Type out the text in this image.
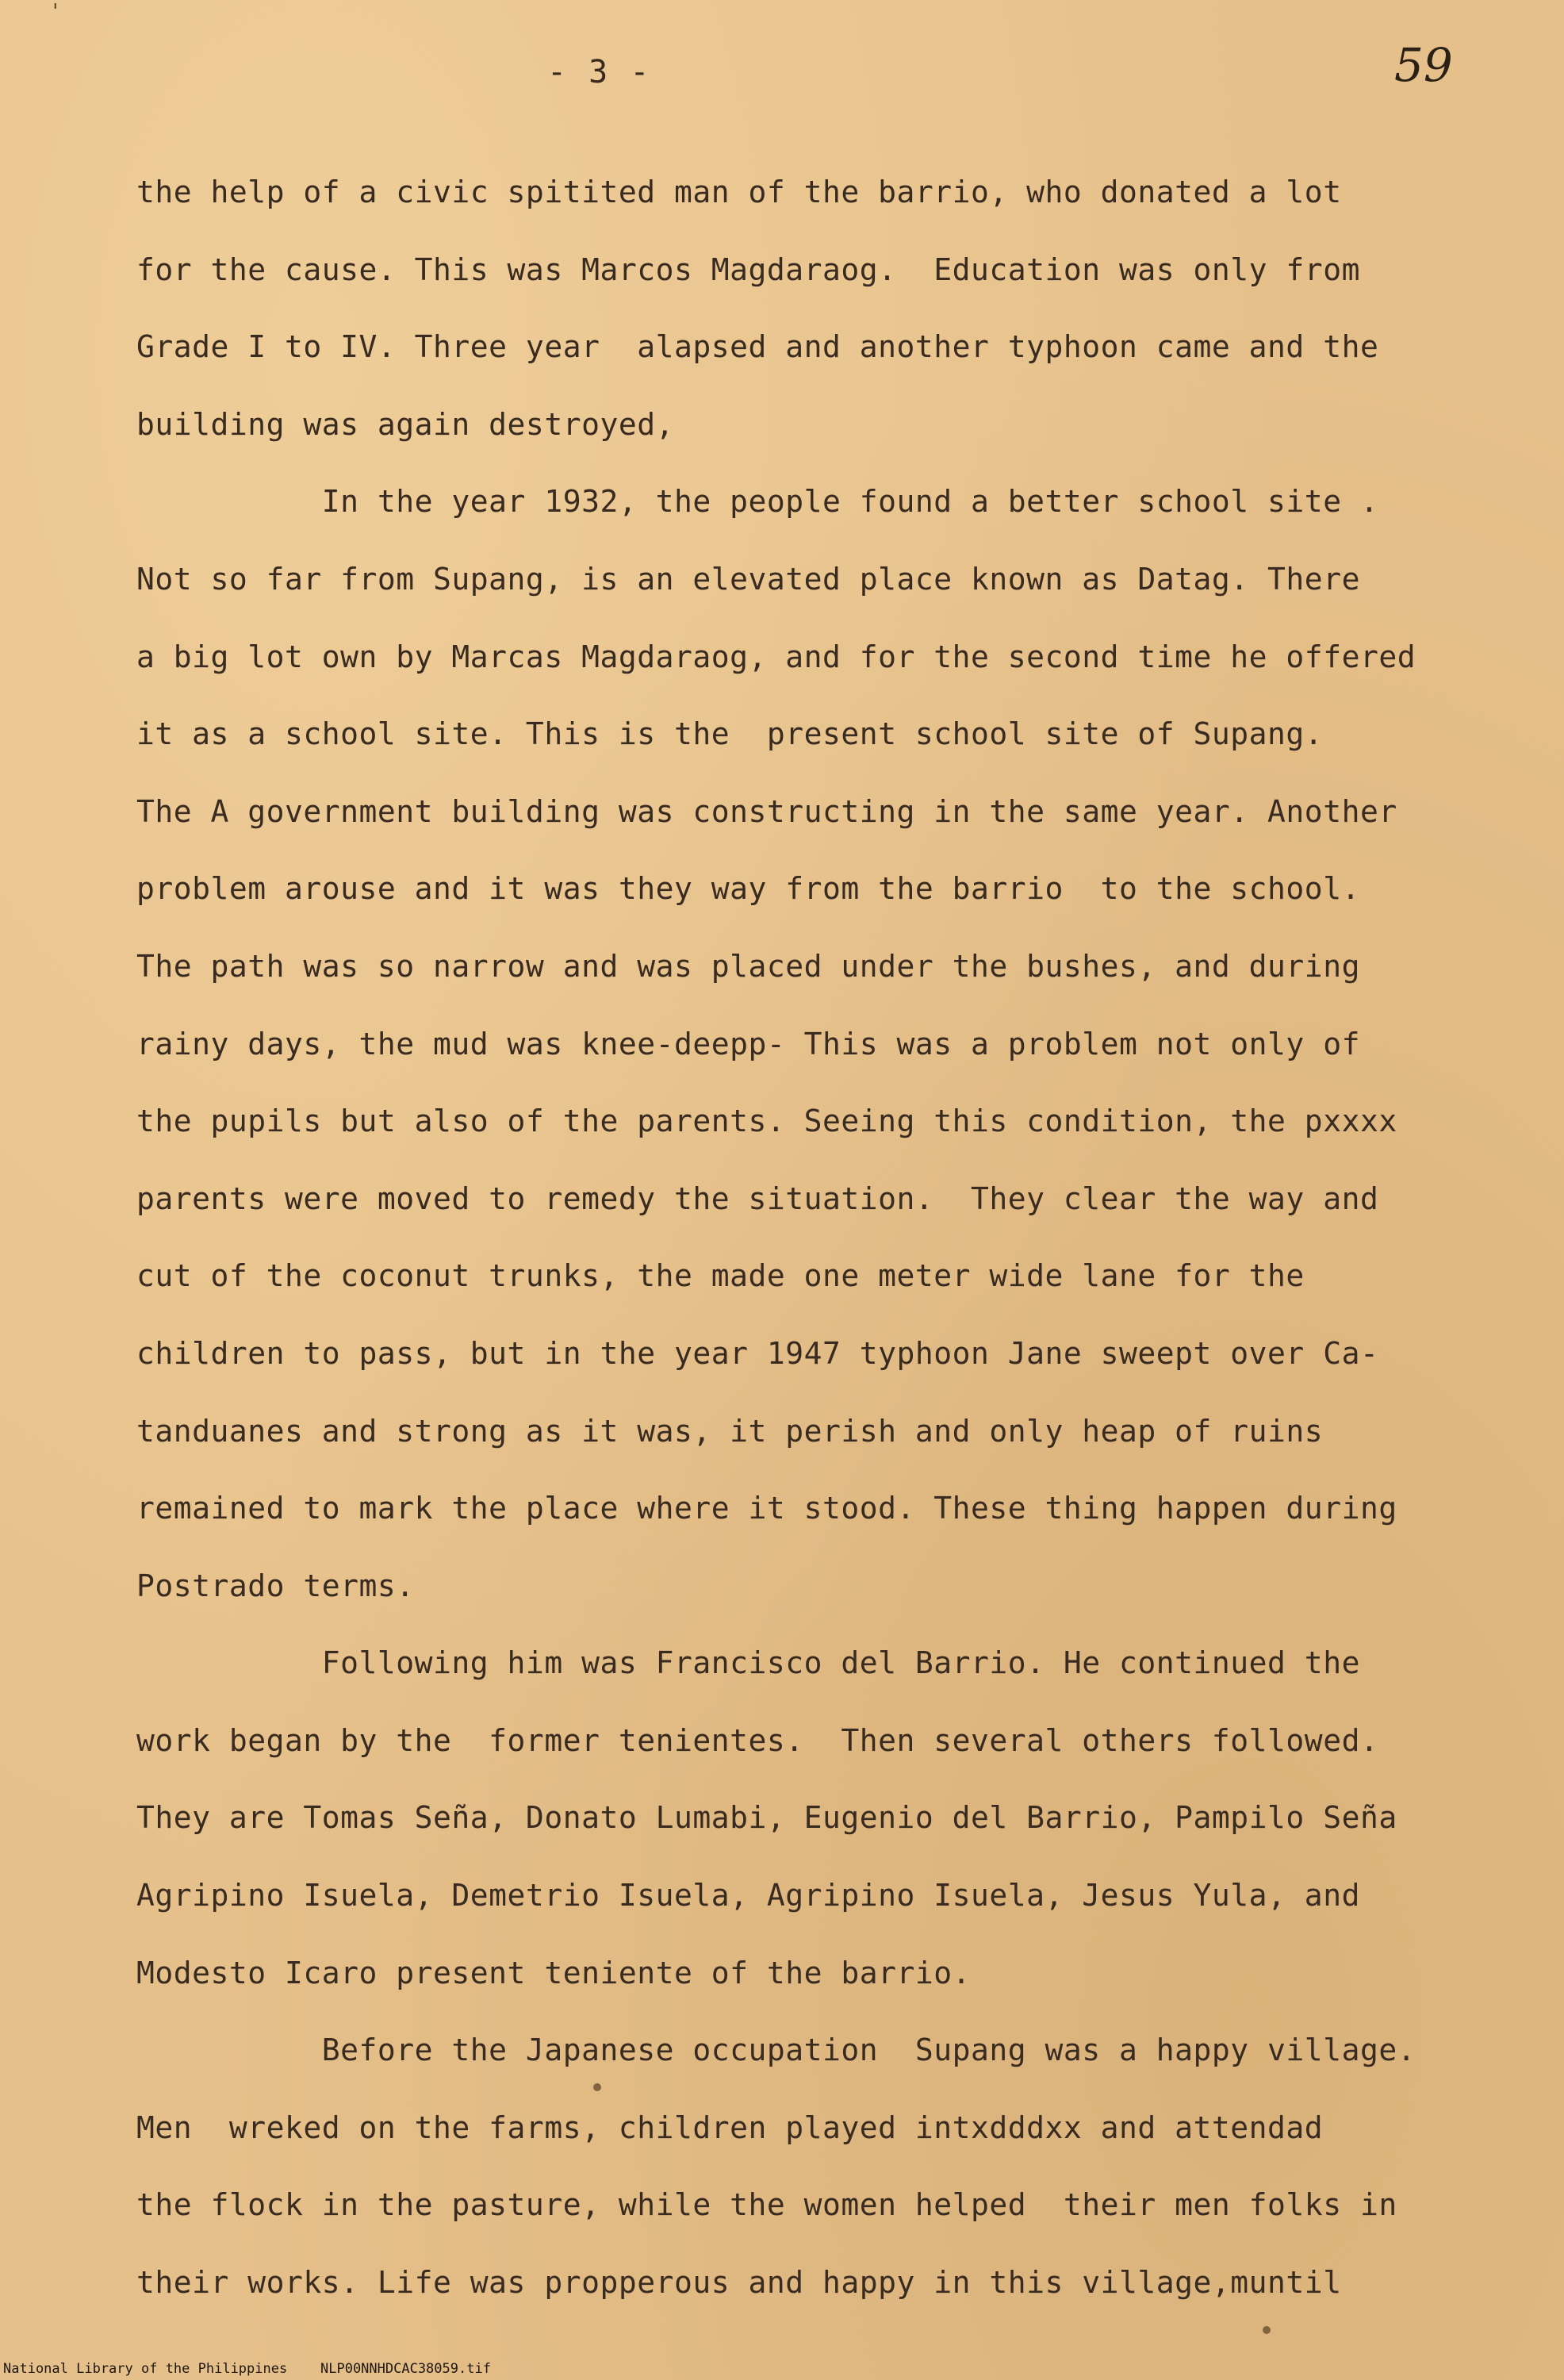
'
- 3 -	59
the help of a civic spitited man of the barrio, who donated a lot
for the cause. This was Marcos Magdaraog.  Education was only from
Grade I to IV. Three year  alapsed and another typhoon came and the
building was again destroyed,
In the year 1932, the people found a better school site .
Not so far from Supang, is an elevated place known as Datag. There
a big lot own by Marcas Magdaraog, and for the second time he offered
it as a school site. This is the  present school site of Supang.
The A government building was constructing in the same year. Another
problem arouse and it was they way from the barrio  to the school.
The path was so narrow and was placed under the bushes, and during
rainy days, the mud was knee-deepp- This was a problem not only of
the pupils but also of the parents. Seeing this condition, the pxxxx
parents were moved to remedy the situation.  They clear the way and
cut of the coconut trunks, the made one meter wide lane for the
children to pass, but in the year 1947 typhoon Jane sweept over Ca-
tanduanes and strong as it was, it perish and only heap of ruins
remained to mark the place where it stood. These thing happen during
Postrado terms.
Following him was Francisco del Barrio. He continued the
work began by the  former tenientes.  Then several others followed.
They are Tomas Seña, Donato Lumabi, Eugenio del Barrio, Pampilo Seña
Agripino Isuela, Demetrio Isuela, Agripino Isuela, Jesus Yula, and
Modesto Icaro present teniente of the barrio.
Before the Japanese occupation  Supang was a happy village.
Men  wreked on the farms, children played intxdddxx and attendad
the flock in the pasture, while the women helped  their men folks in
their works. Life was propperous and happy in this village,muntil

National Library of the Philippines

NLP00NNHDCAC38059.tif
